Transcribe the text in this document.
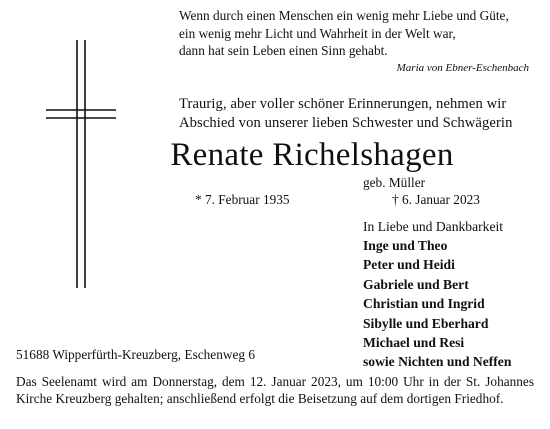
Wenn durch einen Menschen ein wenig mehr Liebe und Güte,
ein wenig mehr Licht und Wahrheit in der Welt war,
dann hat sein Leben einen Sinn gehabt.
Maria von Ebner-Eschenbach
Traurig, aber voller schöner Erinnerungen, nehmen wir
Abschied von unserer lieben Schwester und Schwägerin
Renate Richelshagen
geb. Müller
* 7. Februar 1935	† 6. Januar 2023
In Liebe und Dankbarkeit
Inge und Theo
Peter und Heidi
Gabriele und Bert
Christian und Ingrid
Sibylle und Eberhard
Michael und Resi
sowie Nichten und Neffen
51688 Wipperfürth-Kreuzberg, Eschenweg 6
Das Seelenamt wird am Donnerstag, dem 12. Januar 2023, um 10:00 Uhr in der St. Johannes Kirche Kreuzberg gehalten; anschließend erfolgt die Beisetzung auf dem dortigen Friedhof.
